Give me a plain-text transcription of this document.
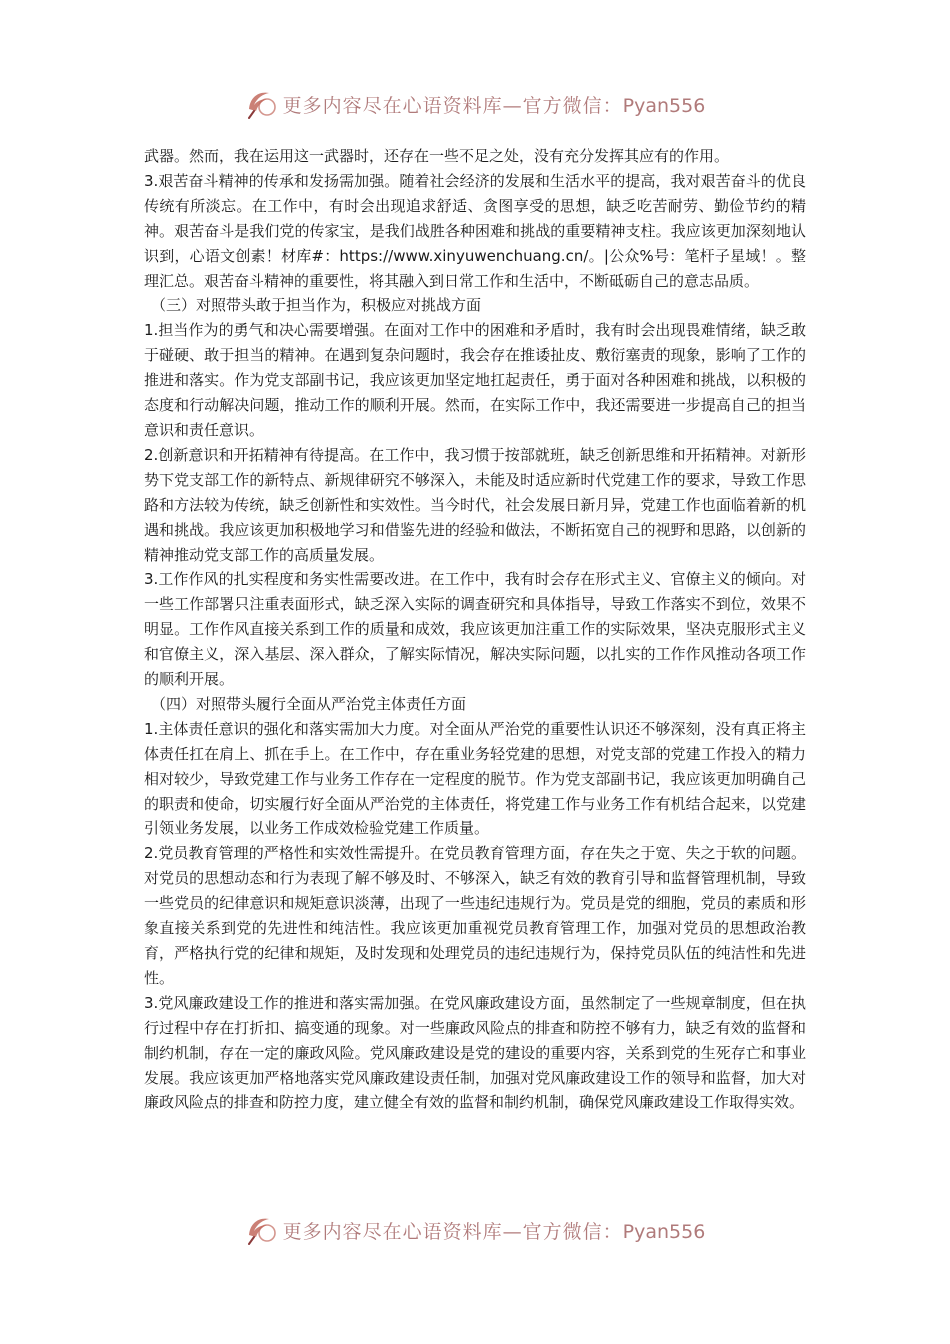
更多内容尽在心语资料库—官方微信：Pyan556

武器。然而，我在运用这一武器时，还存在一些不足之处，没有充分发挥其应有的作用。

3.艰苦奋斗精神的传承和发扬需加强。随着社会经济的发展和生活水平的提高，我对艰苦奋斗的优良传统有所淡忘。在工作中，有时会出现追求舒适、贪图享受的思想，缺乏吃苦耐劳、勤俭节约的精神。艰苦奋斗是我们党的传家宝，是我们战胜各种困难和挑战的重要精神支柱。我应该更加深刻地认识到，心语文创素！材库#：https://www.xinyuwenchuang.cn/。|公众%号：笔杆子星域！。整理汇总。艰苦奋斗精神的重要性，将其融入到日常工作和生活中，不断砥砺自己的意志品质。

（三）对照带头敢于担当作为，积极应对挑战方面

1.担当作为的勇气和决心需要增强。在面对工作中的困难和矛盾时，我有时会出现畏难情绪，缺乏敢于碰硬、敢于担当的精神。在遇到复杂问题时，我会存在推诿扯皮、敷衍塞责的现象，影响了工作的推进和落实。作为党支部副书记，我应该更加坚定地扛起责任，勇于面对各种困难和挑战，以积极的态度和行动解决问题，推动工作的顺利开展。然而，在实际工作中，我还需要进一步提高自己的担当意识和责任意识。

2.创新意识和开拓精神有待提高。在工作中，我习惯于按部就班，缺乏创新思维和开拓精神。对新形势下党支部工作的新特点、新规律研究不够深入，未能及时适应新时代党建工作的要求，导致工作思路和方法较为传统，缺乏创新性和实效性。当今时代，社会发展日新月异，党建工作也面临着新的机遇和挑战。我应该更加积极地学习和借鉴先进的经验和做法，不断拓宽自己的视野和思路，以创新的精神推动党支部工作的高质量发展。

3.工作作风的扎实程度和务实性需要改进。在工作中，我有时会存在形式主义、官僚主义的倾向。对一些工作部署只注重表面形式，缺乏深入实际的调查研究和具体指导，导致工作落实不到位，效果不明显。工作作风直接关系到工作的质量和成效，我应该更加注重工作的实际效果，坚决克服形式主义和官僚主义，深入基层、深入群众，了解实际情况，解决实际问题，以扎实的工作作风推动各项工作的顺利开展。

（四）对照带头履行全面从严治党主体责任方面

1.主体责任意识的强化和落实需加大力度。对全面从严治党的重要性认识还不够深刻，没有真正将主体责任扛在肩上、抓在手上。在工作中，存在重业务轻党建的思想，对党支部的党建工作投入的精力相对较少，导致党建工作与业务工作存在一定程度的脱节。作为党支部副书记，我应该更加明确自己的职责和使命，切实履行好全面从严治党的主体责任，将党建工作与业务工作有机结合起来，以党建引领业务发展，以业务工作成效检验党建工作质量。

2.党员教育管理的严格性和实效性需提升。在党员教育管理方面，存在失之于宽、失之于软的问题。对党员的思想动态和行为表现了解不够及时、不够深入，缺乏有效的教育引导和监督管理机制，导致一些党员的纪律意识和规矩意识淡薄，出现了一些违纪违规行为。党员是党的细胞，党员的素质和形象直接关系到党的先进性和纯洁性。我应该更加重视党员教育管理工作，加强对党员的思想政治教育，严格执行党的纪律和规矩，及时发现和处理党员的违纪违规行为，保持党员队伍的纯洁性和先进性。

3.党风廉政建设工作的推进和落实需加强。在党风廉政建设方面，虽然制定了一些规章制度，但在执行过程中存在打折扣、搞变通的现象。对一些廉政风险点的排查和防控不够有力，缺乏有效的监督和制约机制，存在一定的廉政风险。党风廉政建设是党的建设的重要内容，关系到党的生死存亡和事业发展。我应该更加严格地落实党风廉政建设责任制，加强对党风廉政建设工作的领导和监督，加大对廉政风险点的排查和防控力度，建立健全有效的监督和制约机制，确保党风廉政建设工作取得实效。

更多内容尽在心语资料库—官方微信：Pyan556
